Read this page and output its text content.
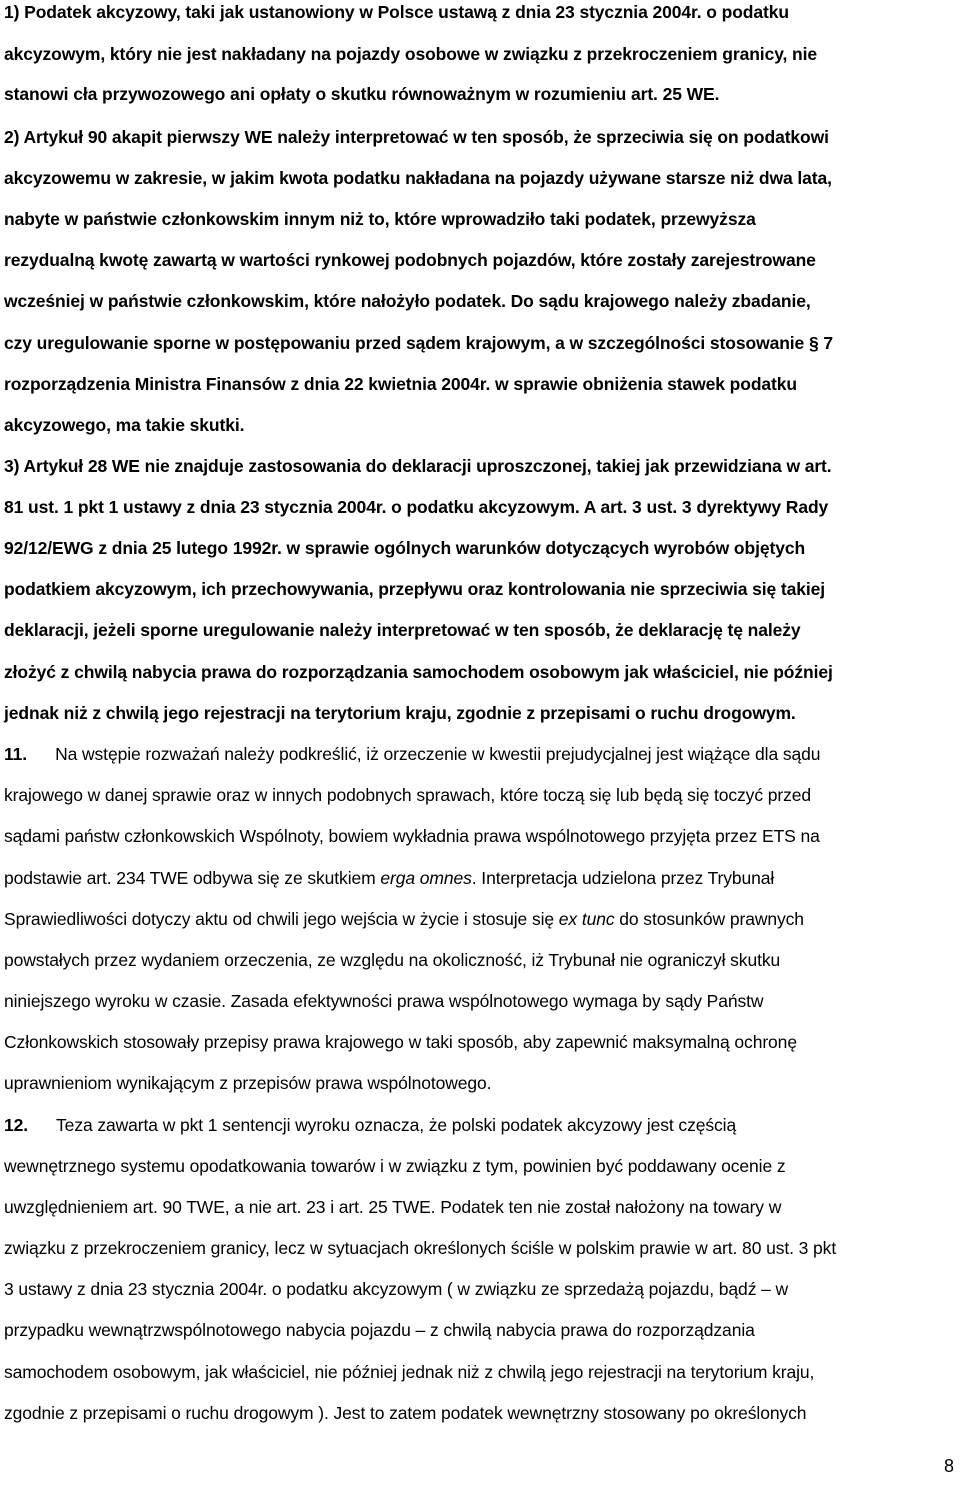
1) Podatek akcyzowy, taki jak ustanowiony w Polsce ustawą z dnia 23 stycznia 2004r. o podatku

akcyzowym, który nie jest nakładany na pojazdy osobowe w związku z przekroczeniem granicy, nie

stanowi cła przywozowego ani opłaty o skutku równoważnym w rozumieniu art. 25 WE.

2) Artykuł 90 akapit pierwszy WE należy interpretować w ten sposób, że sprzeciwia się on podatkowi

akcyzowemu w zakresie, w jakim kwota podatku nakładana na pojazdy używane starsze niż dwa lata,

nabyte w państwie członkowskim innym niż to, które wprowadziło taki podatek, przewyższa

rezydualną kwotę zawartą w wartości rynkowej podobnych pojazdów, które zostały zarejestrowane

wcześniej w państwie członkowskim, które nałożyło podatek. Do sądu krajowego należy zbadanie,

czy uregulowanie sporne w postępowaniu przed sądem krajowym, a w szczególności stosowanie § 7

rozporządzenia Ministra Finansów z dnia 22 kwietnia 2004r. w sprawie obniżenia stawek podatku

akcyzowego, ma takie skutki.

3) Artykuł 28 WE nie znajduje zastosowania do deklaracji uproszczonej, takiej jak przewidziana w art.

81 ust. 1 pkt 1 ustawy z dnia 23 stycznia 2004r. o podatku akcyzowym. A art. 3 ust. 3 dyrektywy Rady

92/12/EWG z dnia 25 lutego 1992r. w sprawie ogólnych warunków dotyczących wyrobów objętych

podatkiem akcyzowym, ich przechowywania, przepływu oraz kontrolowania nie sprzeciwia się takiej

deklaracji, jeżeli sporne uregulowanie należy interpretować w ten sposób, że deklarację tę należy

złożyć z chwilą nabycia prawa do rozporządzania samochodem osobowym jak właściciel, nie później

jednak niż z chwilą jego rejestracji na terytorium kraju, zgodnie z przepisami o ruchu drogowym.

11. Na wstępie rozważań należy podkreślić, iż orzeczenie w kwestii prejudycjalnej jest wiążące dla sądu

krajowego w danej sprawie oraz w innych podobnych sprawach, które toczą się lub będą się toczyć przed

sądami państw członkowskich Wspólnoty, bowiem wykładnia prawa wspólnotowego przyjęta przez ETS na

podstawie art. 234 TWE odbywa się ze skutkiem erga omnes. Interpretacja udzielona przez Trybunał

Sprawiedliwości dotyczy aktu od chwili jego wejścia w życie i stosuje się ex tunc do stosunków prawnych

powstałych przez wydaniem orzeczenia, ze względu na okoliczność, iż Trybunał nie ograniczył skutku

niniejszego wyroku w czasie. Zasada efektywności prawa wspólnotowego wymaga by sądy Państw

Członkowskich stosowały przepisy prawa krajowego w taki sposób, aby zapewnić maksymalną ochronę

uprawnieniom wynikającym z przepisów prawa wspólnotowego.

12. Teza zawarta w pkt 1 sentencji wyroku oznacza, że polski podatek akcyzowy jest częścią

wewnętrznego systemu opodatkowania towarów i w związku z tym, powinien być poddawany ocenie z

uwzględnieniem art. 90 TWE, a nie art. 23 i art. 25 TWE. Podatek ten nie został nałożony na towary w

związku z przekroczeniem granicy, lecz w sytuacjach określonych ściśle w polskim prawie w art. 80 ust. 3 pkt

3 ustawy z dnia 23 stycznia 2004r. o podatku akcyzowym ( w związku ze sprzedażą pojazdu, bądź – w

przypadku wewnątrzwspólnotowego nabycia pojazdu – z chwilą nabycia prawa do rozporządzania

samochodem osobowym, jak właściciel, nie później jednak niż z chwilą jego rejestracji na terytorium kraju,

zgodnie z przepisami o ruchu drogowym ). Jest to zatem podatek wewnętrzny stosowany po określonych

8
